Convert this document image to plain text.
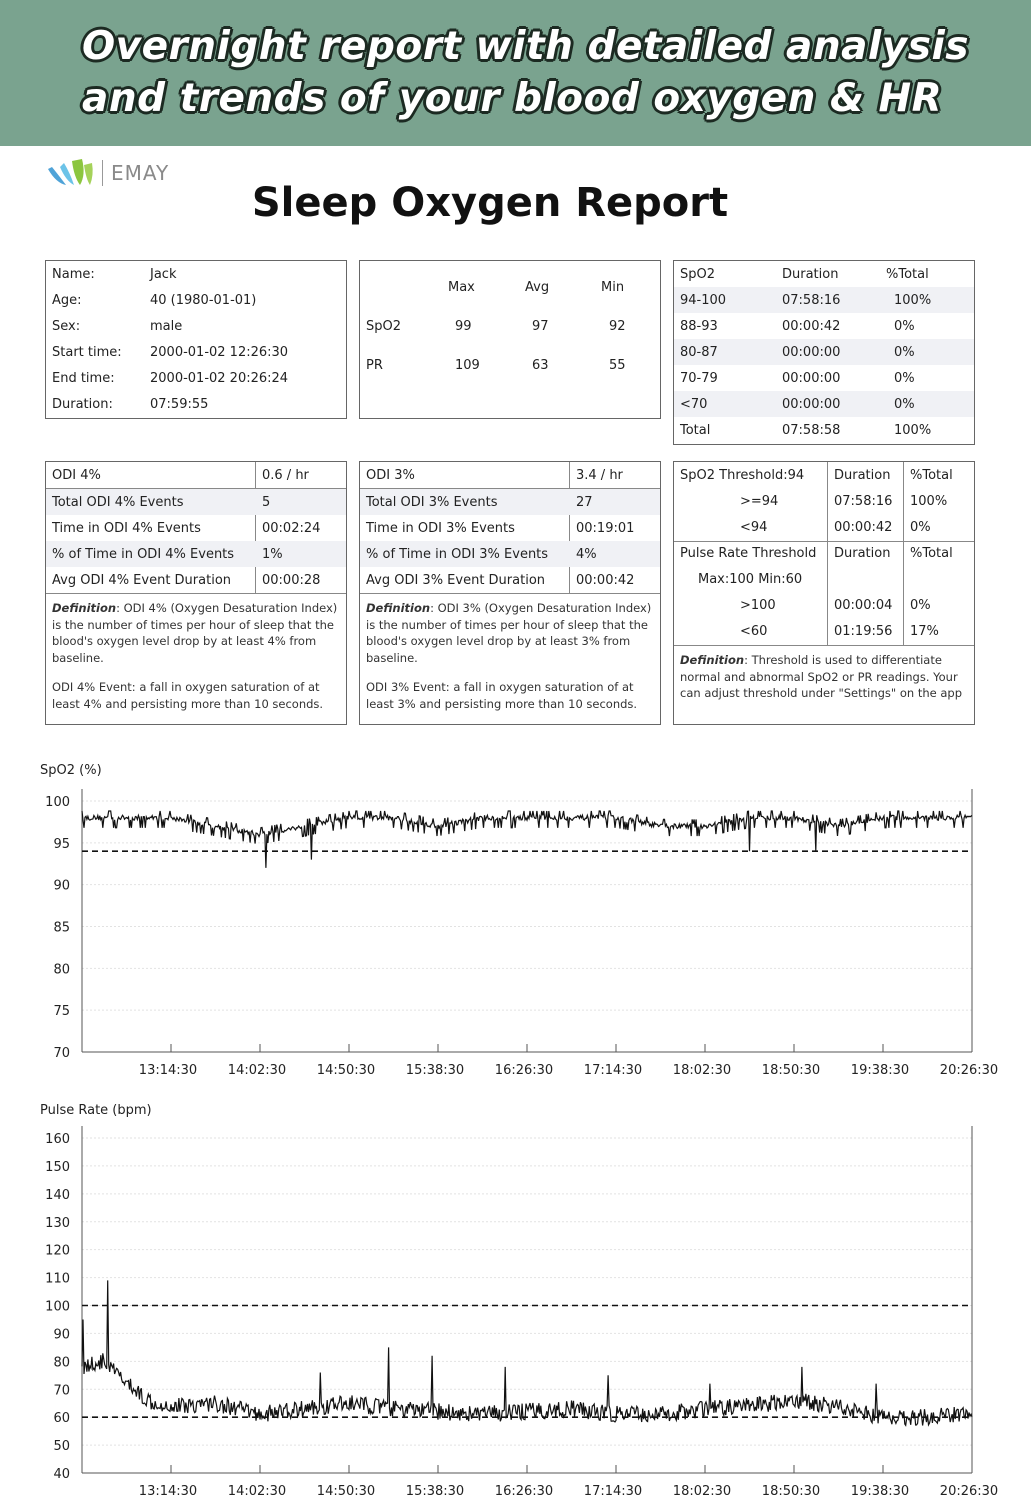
Overnight report with detailed analysis
and trends of your blood oxygen & HR
EMAY
Sleep Oxygen Report
Name:	Jack
Age:	40 (1980-01-01)
Sex:	male
Start time: 2000-01-02 12:26:30
End time:	2000-01-02 20:26:24
Duration:	07:59:55
Max	Avg	Min
SpO2	99	97	92
PR	109	63	55
SpO2	Duration	%Total
94-100	07:58:16	100%
88-93	00:00:42	0%
80-87	00:00:00	0%
70-79	00:00:00	0%
<70	00:00:00	0%
Total	07:58:58	100%
ODI 4%	0.6 / hr
Total ODI 4% Events	5
Time in ODI 4% Events	00:02:24
% of Time in ODI 4% Events 1%
Avg ODI 4% Event Duration 00:00:28
Definition: ODI 4% (Oxygen Desaturation Index) is the number of times per hour of sleep that the blood's oxygen level drop by at least 4% from baseline.
ODI 4% Event: a fall in oxygen saturation of at least 4% and persisting more than 10 seconds.
ODI 3%	3.4 / hr
Total ODI 3% Events	27
Time in ODI 3% Events	00:19:01
% of Time in ODI 3% Events 4%
Avg ODI 3% Event Duration 00:00:42
Definition: ODI 3% (Oxygen Desaturation Index) is the number of times per hour of sleep that the blood's oxygen level drop by at least 3% from baseline.
ODI 3% Event: a fall in oxygen saturation of at least 3% and persisting more than 10 seconds.
SpO2 Threshold:94 Duration %Total
>=94	07:58:16 100%
<94	00:00:42 0%
Pulse Rate Threshold Duration %Total
Max:100 Min:60
>100	00:00:04 0%
<60	01:19:56 17%
Definition: Threshold is used to differentiate normal and abnormal SpO2 or PR readings. Your can adjust threshold under "Settings" on the app
SpO2 (%)
100
95
90
85
80
75
70
13:14:30 14:02:30 14:50:30 15:38:30 16:26:30 17:14:30 18:02:30 18:50:30 19:38:30 20:26:30
Pulse Rate (bpm)
160
150
140
130
120
110
100
90
80
70
60
50
40
13:14:30 14:02:30 14:50:30 15:38:30 16:26:30 17:14:30 18:02:30 18:50:30 19:38:30 20:26:30
